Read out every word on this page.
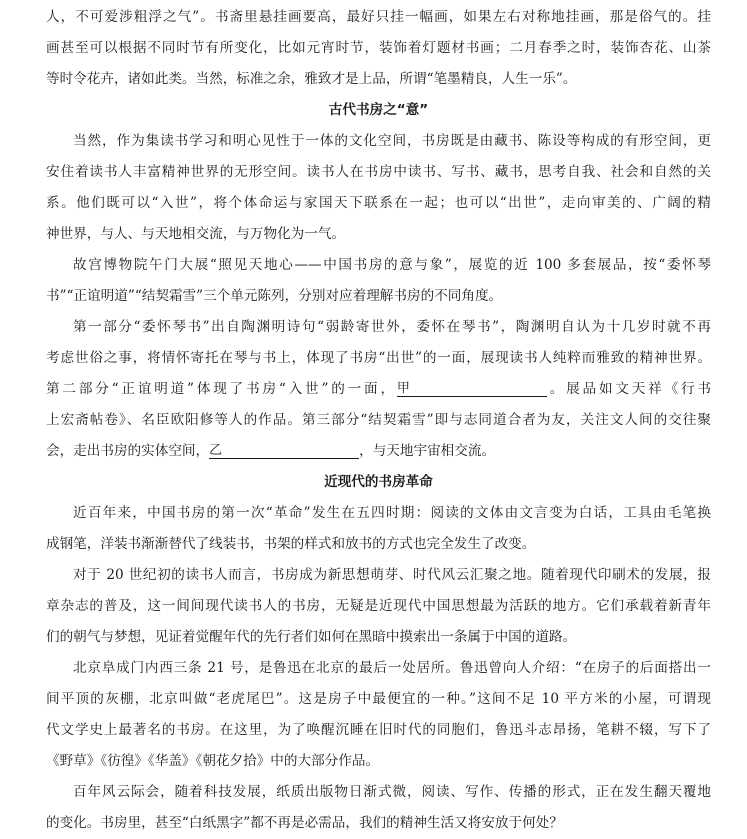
人，不可爱涉粗浮之气”。书斋里悬挂画要高，最好只挂一幅画，如果左右对称地挂画，那是俗气的。挂
画甚至可以根据不同时节有所变化，比如元宵时节，装饰着灯题材书画；二月春季之时，装饰杏花、山茶
等时令花卉，诸如此类。当然，标准之余，雅致才是上品，所谓“笔墨精良，人生一乐”。
古代书房之“意”
当然，作为集读书学习和明心见性于一体的文化空间，书房既是由藏书、陈设等构成的有形空间，更
安住着读书人丰富精神世界的无形空间。读书人在书房中读书、写书、藏书，思考自我、社会和自然的关
系。他们既可以“入世”，将个体命运与家国天下联系在一起；也可以“出世”，走向审美的、广阔的精
神世界，与人、与天地相交流，与万物化为一气。
故宫博物院午门大展“照见天地心——中国书房的意与象”，展览的近 100 多套展品，按“委怀琴
书”“正谊明道”“结契霜雪”三个单元陈列，分别对应着理解书房的不同角度。
第一部分“委怀琴书”出自陶渊明诗句“弱龄寄世外，委怀在琴书”，陶渊明自认为十几岁时就不再
考虑世俗之事，将情怀寄托在琴与书上，体现了书房“出世”的一面，展现读书人纯粹而雅致的精神世界。
第二部分“正谊明道”体现了书房“入世”的一面， 甲	。展品如文天祥《行书
上宏斋帖卷》、名臣欧阳修等人的作品。第三部分“结契霜雪”即与志同道合者为友，关注文人间的交往聚
会，走出书房的实体空间， 乙	，与天地宇宙相交流。
近现代的书房革命
近百年来，中国书房的第一次“革命”发生在五四时期：阅读的文体由文言变为白话，工具由毛笔换
成钢笔，洋装书渐渐替代了线装书，书架的样式和放书的方式也完全发生了改变。
对于 20 世纪初的读书人而言，书房成为新思想萌芽、时代风云汇聚之地。随着现代印刷术的发展，报
章杂志的普及，这一间间现代读书人的书房，无疑是近现代中国思想最为活跃的地方。它们承载着新青年
们的朝气与梦想，见证着觉醒年代的先行者们如何在黑暗中摸索出一条属于中国的道路。
北京阜成门内西三条 21 号，是鲁迅在北京的最后一处居所。鲁迅曾向人介绍：“在房子的后面搭出一
间平顶的灰棚，北京叫做“老虎尾巴”。这是房子中最便宜的一种。”这间不足 10 平方米的小屋，可谓现
代文学史上最著名的书房。在这里，为了唤醒沉睡在旧时代的同胞们，鲁迅斗志昂扬，笔耕不辍，写下了
《野草》《彷徨》《华盖》《朝花夕拾》中的大部分作品。
百年风云际会，随着科技发展，纸质出版物日渐式微，阅读、写作、传播的形式，正在发生翻天覆地
的变化。书房里，甚至“白纸黑字”都不再是必需品，我们的精神生活又将安放于何处？
